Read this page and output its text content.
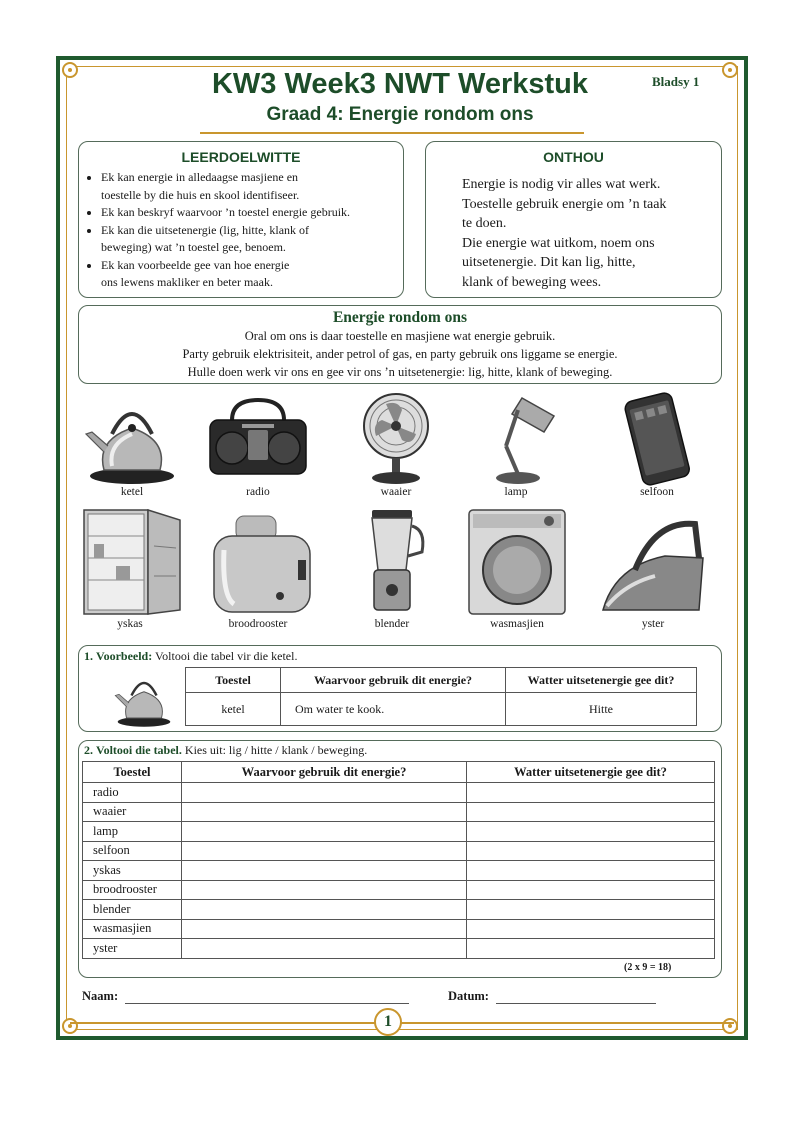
KW3 Week3 NWT Werkstuk
Graad 4: Energie rondom ons
Bladsy 1
LEERDOELWITTE
• Ek kan energie in alledaagse masjiene en
toestelle by die huis en skool identifiseer.
• Ek kan beskryf waarvoor ’n toestel energie gebruik.
• Ek kan die uitsetenergie (lig, hitte, klank of
beweging) wat ’n toestel gee, benoem.
• Ek kan voorbeelde gee van hoe energie
ons lewens makliker en beter maak.
ONTHOU
Energie is nodig vir alles wat werk.
Toestelle gebruik energie om ’n taak
te doen.
Die energie wat uitkom, noem ons
uitsetenergie. Dit kan lig, hitte,
klank of beweging wees.
Energie rondom ons
Oral om ons is daar toestelle en masjiene wat energie gebruik.
Party gebruik elektrisiteit, ander petrol of gas, en party gebruik ons liggame se energie.
Hulle doen werk vir ons en gee vir ons ’n uitsetenergie: lig, hitte, klank of beweging.
ketel	radio	waaier	lamp	selfoon
yskas	broodrooster	blender	wasmasjien	yster
1. Voorbeeld: Voltooi die tabel vir die ketel.
Toestel	Waarvoor gebruik dit energie?	Watter uitsetenergie gee dit?
ketel	Om water te kook.	Hitte
2. Voltooi die tabel. Kies uit: lig / hitte / klank / beweging.
Toestel	Waarvoor gebruik dit energie?	Watter uitsetenergie gee dit?
radio		
waaier		
lamp		
selfoon		
yskas		
broodrooster		
blender		
wasmasjien		
yster		
(2 x 9 = 18)
Naam:	Datum:
1
